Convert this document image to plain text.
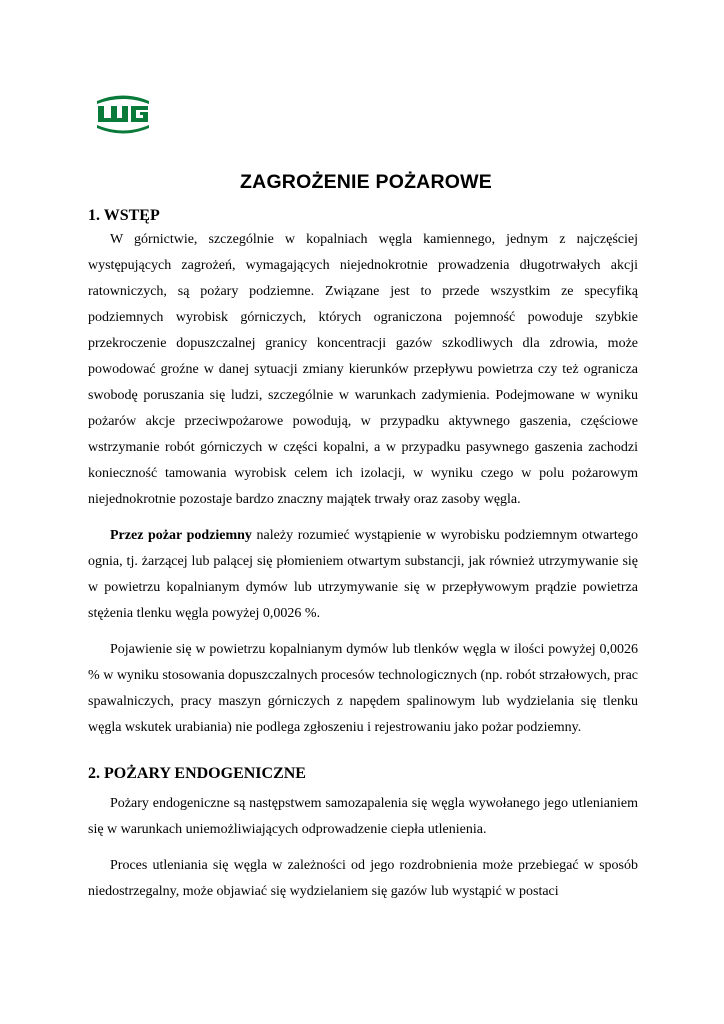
ZAGROŻENIE POŻAROWE
1. WSTĘP

W górnictwie, szczególnie w kopalniach węgla kamiennego, jednym z najczęściej występujących zagrożeń, wymagających niejednokrotnie prowadzenia długotrwałych akcji ratowniczych, są pożary podziemne. Związane jest to przede wszystkim ze specyfiką podziemnych wyrobisk górniczych, których ograniczona pojemność powoduje szybkie przekroczenie dopuszczalnej granicy koncentracji gazów szkodliwych dla zdrowia, może powodować groźne w danej sytuacji zmiany kierunków przepływu powietrza czy też ogranicza swobodę poruszania się ludzi, szczególnie w warunkach zadymienia. Podejmowane w wyniku pożarów akcje przeciwpożarowe powodują, w przypadku aktywnego gaszenia, częściowe wstrzymanie robót górniczych w części kopalni, a w przypadku pasywnego gaszenia zachodzi konieczność tamowania wyrobisk celem ich izolacji, w wyniku czego w polu pożarowym niejednokrotnie pozostaje bardzo znaczny majątek trwały oraz zasoby węgla.

Przez pożar podziemny należy rozumieć wystąpienie w wyrobisku podziemnym otwartego ognia, tj. żarzącej lub palącej się płomieniem otwartym substancji, jak również utrzymywanie się w powietrzu kopalnianym dymów lub utrzymywanie się w przepływowym prądzie powietrza stężenia tlenku węgla powyżej 0,0026 %.

Pojawienie się w powietrzu kopalnianym dymów lub tlenków węgla w ilości powyżej 0,0026 % w wyniku stosowania dopuszczalnych procesów technologicznych (np. robót strzałowych, prac spawalniczych, pracy maszyn górniczych z napędem spalinowym lub wydzielania się tlenku węgla wskutek urabiania) nie podlega zgłoszeniu i rejestrowaniu jako pożar podziemny.

2. POŻARY ENDOGENICZNE

Pożary endogeniczne są następstwem samozapalenia się węgla wywołanego jego utlenianiem się w warunkach uniemożliwiających odprowadzenie ciepła utlenienia.

Proces utleniania się węgla w zależności od jego rozdrobnienia może przebiegać w sposób niedostrzegalny, może objawiać się wydzielaniem się gazów lub wystąpić w postaci
